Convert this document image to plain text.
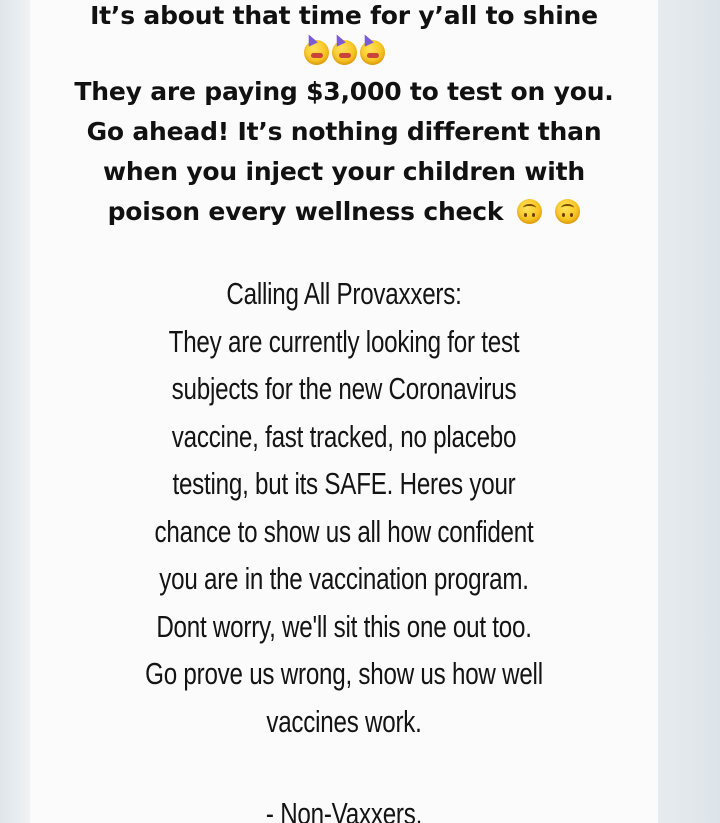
It’s about that time for y’all to shine
They are paying $3,000 to test on you.
Go ahead! It’s nothing different than
when you inject your children with
poison every wellness check
Calling All Provaxxers:
They are currently looking for test
subjects for the new Coronavirus
vaccine, fast tracked, no placebo
testing, but its SAFE. Heres your
chance to show us all how confident
you are in the vaccination program.
Dont worry, we'll sit this one out too.
Go prove us wrong, show us how well
vaccines work.
- Non-Vaxxers.
